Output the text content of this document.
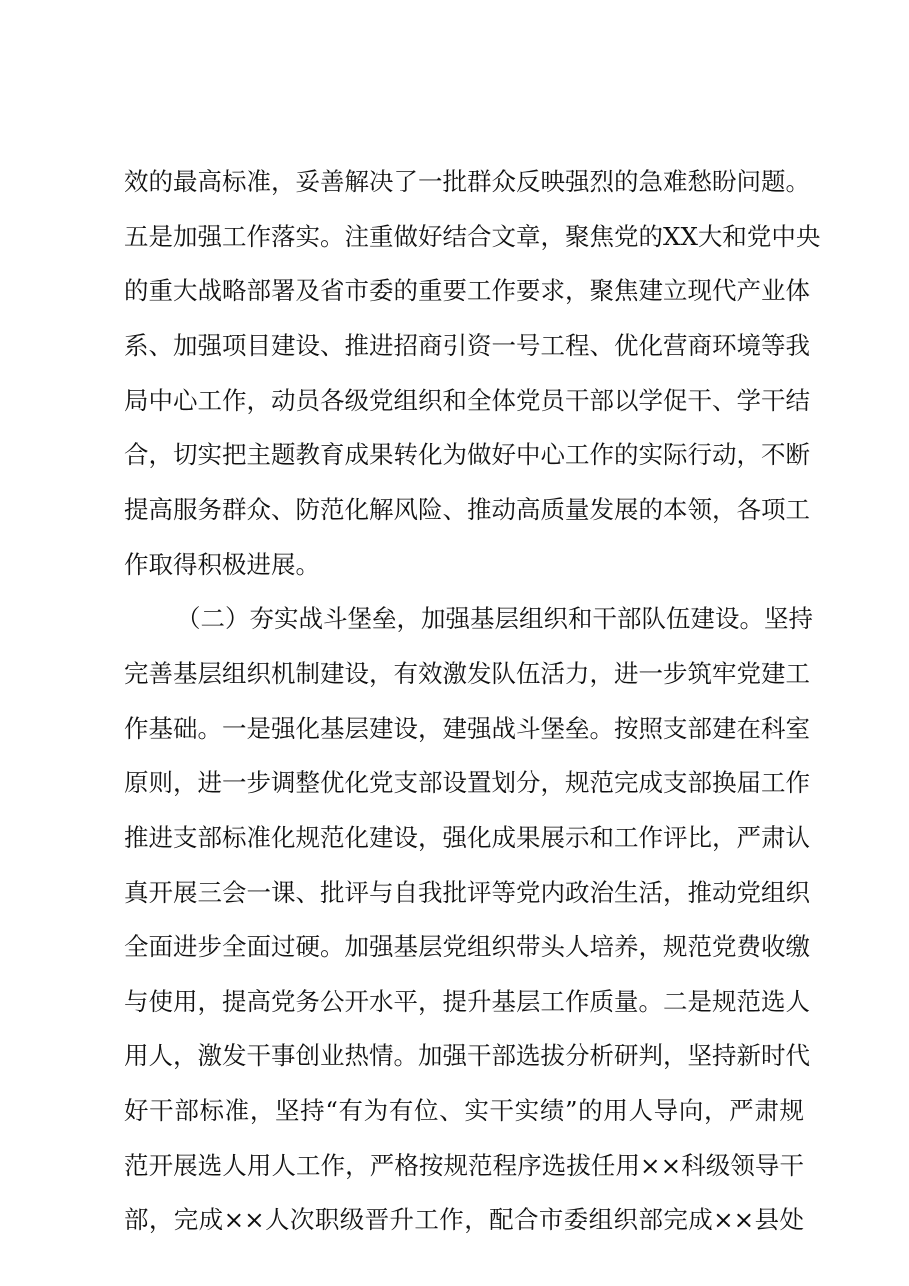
效的最高标准，妥善解决了一批群众反映强烈的急难愁盼问题。
五是加强工作落实。注重做好结合文章，聚焦党的XX大和党中央
的重大战略部署及省市委的重要工作要求，聚焦建立现代产业体
系、加强项目建设、推进招商引资一号工程、优化营商环境等我
局中心工作，动员各级党组织和全体党员干部以学促干、学干结
合，切实把主题教育成果转化为做好中心工作的实际行动，不断
提高服务群众、防范化解风险、推动高质量发展的本领，各项工
作取得积极进展。
（二）夯实战斗堡垒，加强基层组织和干部队伍建设。坚持
完善基层组织机制建设，有效激发队伍活力，进一步筑牢党建工
作基础。一是强化基层建设，建强战斗堡垒。按照支部建在科室
原则，进一步调整优化党支部设置划分，规范完成支部换届工作
推进支部标准化规范化建设，强化成果展示和工作评比，严肃认
真开展三会一课、批评与自我批评等党内政治生活，推动党组织
全面进步全面过硬。加强基层党组织带头人培养，规范党费收缴
与使用，提高党务公开水平，提升基层工作质量。二是规范选人
用人，激发干事创业热情。加强干部选拔分析研判，坚持新时代
好干部标准，坚持“有为有位、实干实绩”的用人导向，严肃规
范开展选人用人工作，严格按规范程序选拔任用××科级领导干
部，完成××人次职级晋升工作，配合市委组织部完成××县处
